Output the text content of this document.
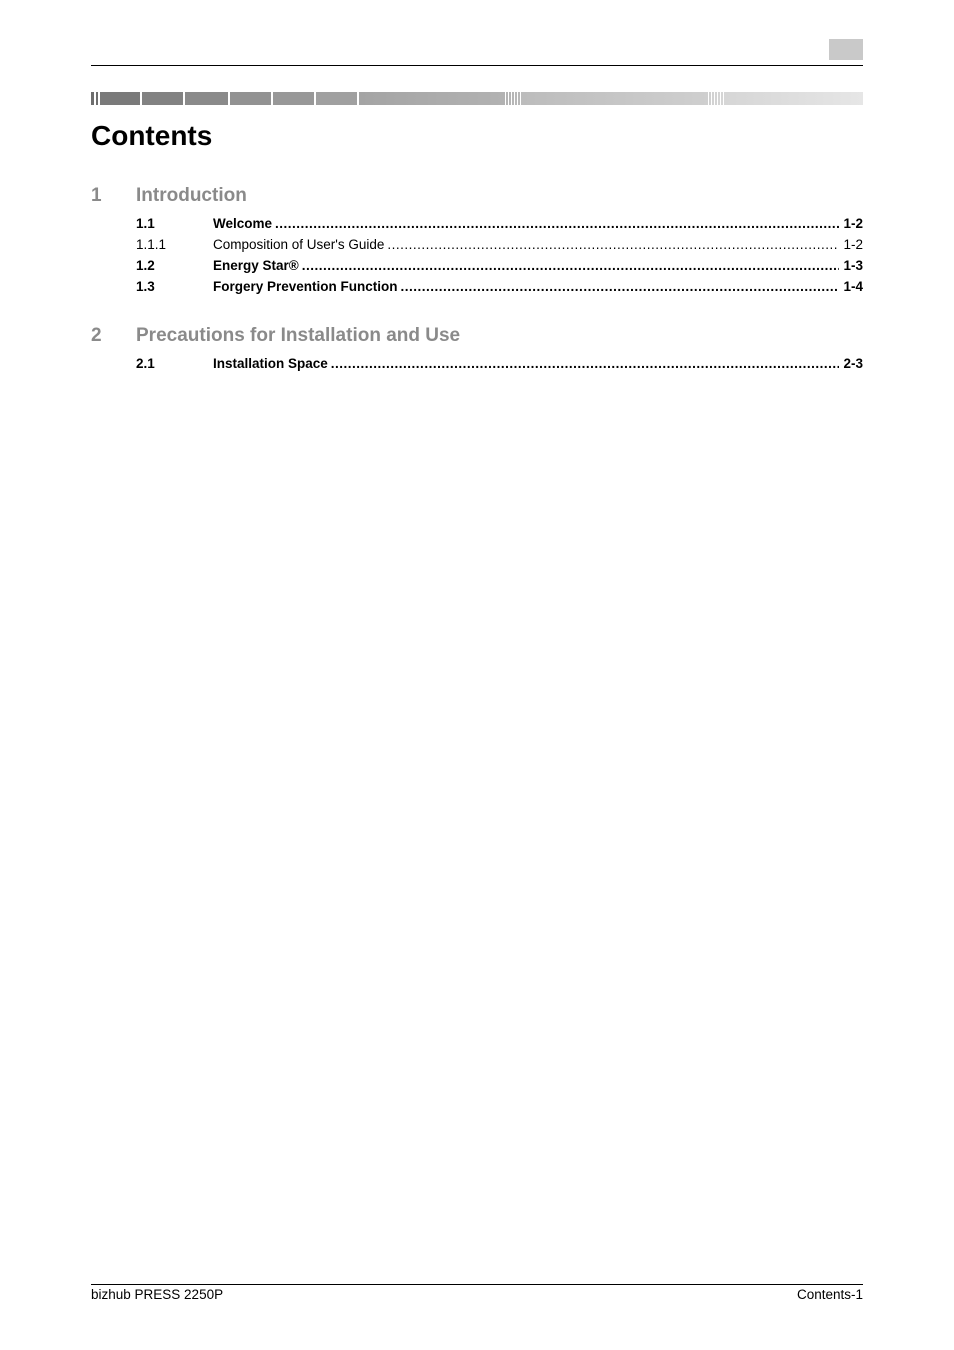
Contents
1 Introduction
1.1	Welcome .....	1-2
1.1.1	Composition of User's Guide .....	1-2
1.2	Energy Star® .....	1-3
1.3	Forgery Prevention Function .....	1-4
2 Precautions for Installation and Use
2.1	Installation Space .....	2-3
bizhub PRESS 2250P	Contents-1
